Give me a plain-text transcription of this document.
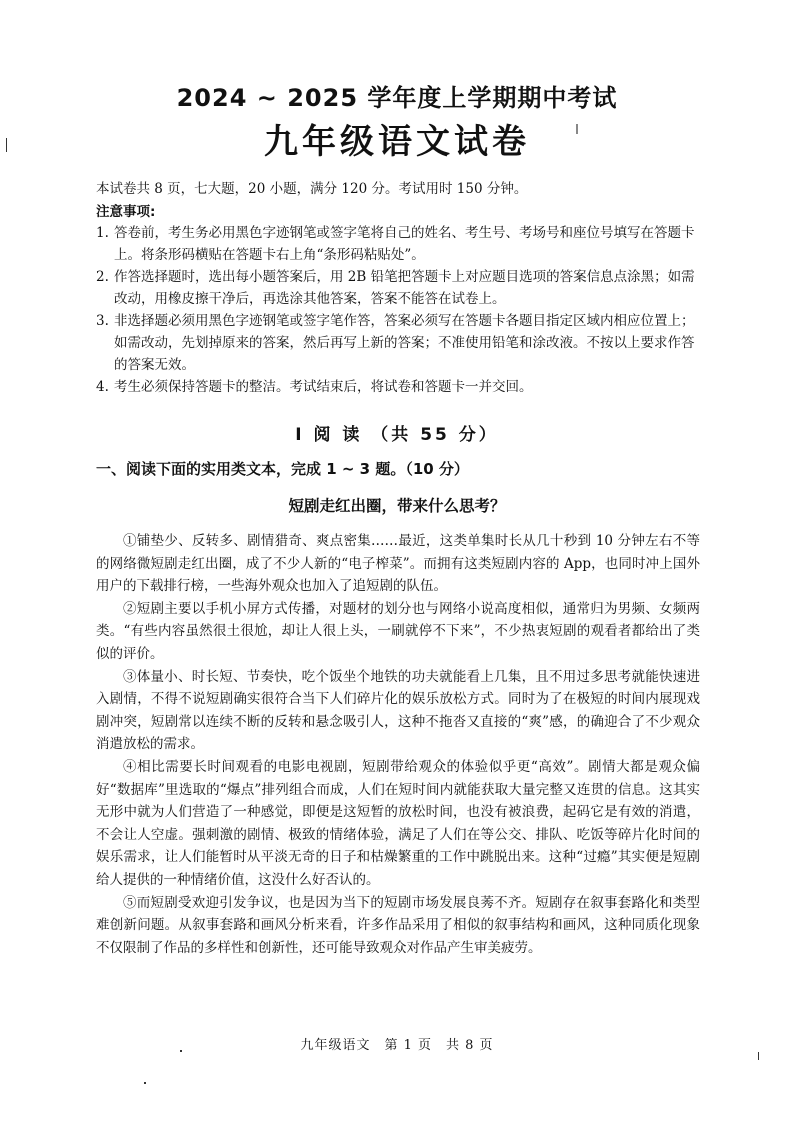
2024 ~ 2025 学年度上学期期中考试
九年级语文试卷
本试卷共 8 页，七大题，20 小题，满分 120 分。考试用时 150 分钟。
注意事项:
1. 答卷前，考生务必用黑色字迹钢笔或签字笔将自己的姓名、考生号、考场号和座位号填写在答题卡上。将条形码横贴在答题卡右上角“条形码粘贴处”。
2. 作答选择题时，选出每小题答案后，用 2B 铅笔把答题卡上对应题目选项的答案信息点涂黑；如需改动，用橡皮擦干净后，再选涂其他答案，答案不能答在试卷上。
3. 非选择题必须用黑色字迹钢笔或签字笔作答，答案必须写在答题卡各题目指定区域内相应位置上；如需改动，先划掉原来的答案，然后再写上新的答案；不准使用铅笔和涂改液。不按以上要求作答的答案无效。
4. 考生必须保持答题卡的整洁。考试结束后，将试卷和答题卡一并交回。
I 阅 读 （共 55 分）
一、阅读下面的实用类文本，完成 1 ~ 3 题。（10 分）
短剧走红出圈，带来什么思考？

①铺垫少、反转多、剧情猎奇、爽点密集……最近，这类单集时长从几十秒到 10 分钟左右不等的网络微短剧走红出圈，成了不少人新的“电子榨菜”。而拥有这类短剧内容的 App，也同时冲上国外用户的下载排行榜，一些海外观众也加入了追短剧的队伍。

②短剧主要以手机小屏方式传播，对题材的划分也与网络小说高度相似，通常归为男频、女频两类。“有些内容虽然很土很尬，却让人很上头，一刷就停不下来”，不少热衷短剧的观看者都给出了类似的评价。

③体量小、时长短、节奏快，吃个饭坐个地铁的功夫就能看上几集，且不用过多思考就能快速进入剧情，不得不说短剧确实很符合当下人们碎片化的娱乐放松方式。同时为了在极短的时间内展现戏剧冲突，短剧常以连续不断的反转和悬念吸引人，这种不拖沓又直接的“爽”感，的确迎合了不少观众消遣放松的需求。

④相比需要长时间观看的电影电视剧，短剧带给观众的体验似乎更“高效”。剧情大都是观众偏好“数据库”里选取的“爆点”排列组合而成，人们在短时间内就能获取大量完整又连贯的信息。这其实无形中就为人们营造了一种感觉，即便是这短暂的放松时间，也没有被浪费，起码它是有效的消遣，不会让人空虚。强刺激的剧情、极致的情绪体验，满足了人们在等公交、排队、吃饭等碎片化时间的娱乐需求，让人们能暂时从平淡无奇的日子和枯燥繁重的工作中跳脱出来。这种“过瘾”其实便是短剧给人提供的一种情绪价值，这没什么好否认的。

⑤而短剧受欢迎引发争议，也是因为当下的短剧市场发展良莠不齐。短剧存在叙事套路化和类型难创新问题。从叙事套路和画风分析来看，许多作品采用了相似的叙事结构和画风，这种同质化现象不仅限制了作品的多样性和创新性，还可能导致观众对作品产生审美疲劳。

九年级语文　第 1 页　共 8 页
